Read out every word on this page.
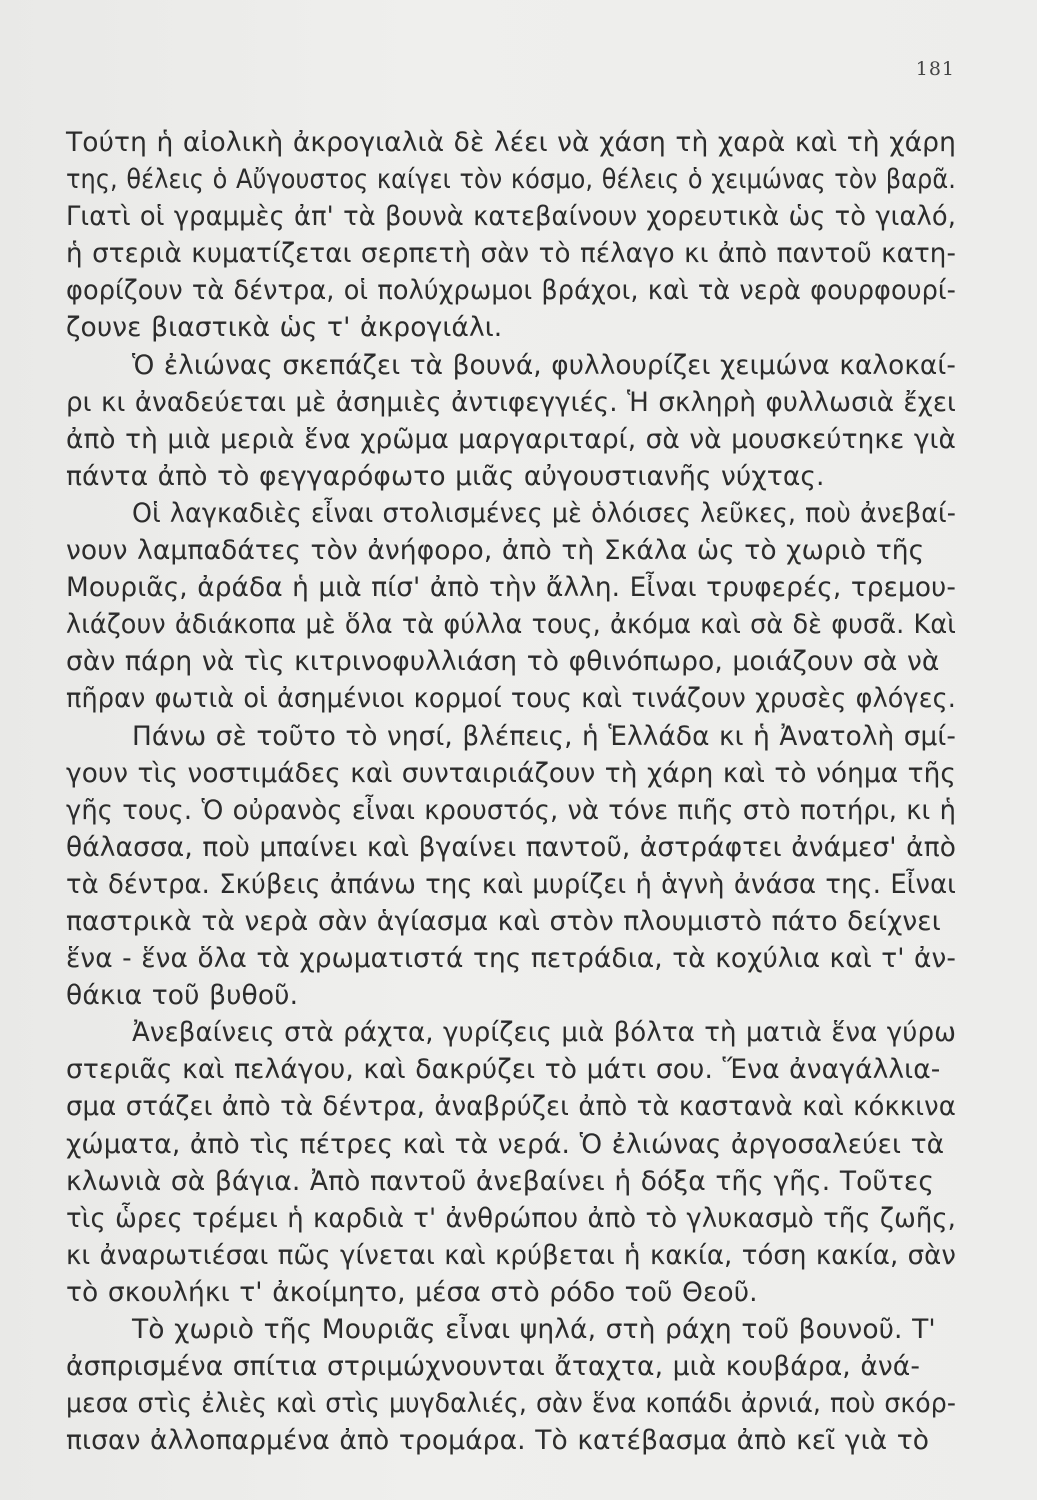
181
Τούτη ἡ αἰολικὴ ἀκρογιαλιὰ δὲ λέει νὰ χάση τὴ χαρὰ καὶ τὴ χάρη
της, θέλεις ὁ Αὔγουστος καίγει τὸν κόσμο, θέλεις ὁ χειμώνας τὸν βαρᾶ.
Γιατὶ οἱ γραμμὲς ἀπ' τὰ βουνὰ κατεβαίνουν χορευτικὰ ὡς τὸ γιαλό,
ἡ στεριὰ κυματίζεται σερπετὴ σὰν τὸ πέλαγο κι ἀπὸ παντοῦ κατη-
φορίζουν τὰ δέντρα, οἱ πολύχρωμοι βράχοι, καὶ τὰ νερὰ φουρφουρί-
ζουνε βιαστικὰ ὡς τ' ἀκρογιάλι.
Ὁ ἐλιώνας σκεπάζει τὰ βουνά, φυλλουρίζει χειμώνα καλοκαί-
ρι κι ἀναδεύεται μὲ ἀσημιὲς ἀντιφεγγιές. Ἡ σκληρὴ φυλλωσιὰ ἔχει
ἀπὸ τὴ μιὰ μεριὰ ἕνα χρῶμα μαργαριταρί, σὰ νὰ μουσκεύτηκε γιὰ
πάντα ἀπὸ τὸ φεγγαρόφωτο μιᾶς αὐγουστιανῆς νύχτας.
Οἱ λαγκαδιὲς εἶναι στολισμένες μὲ ὁλόισες λεῦκες, ποὺ ἀνεβαί-
νουν λαμπαδάτες τὸν ἀνήφορο, ἀπὸ τὴ Σκάλα ὡς τὸ χωριὸ τῆς
Μουριᾶς, ἀράδα ἡ μιὰ πίσ' ἀπὸ τὴν ἄλλη. Εἶναι τρυφερές, τρεμου-
λιάζουν ἀδιάκοπα μὲ ὅλα τὰ φύλλα τους, ἀκόμα καὶ σὰ δὲ φυσᾶ. Καὶ
σὰν πάρη νὰ τὶς κιτρινοφυλλιάση τὸ φθινόπωρο, μοιάζουν σὰ νὰ
πῆραν φωτιὰ οἱ ἀσημένιοι κορμοί τους καὶ τινάζουν χρυσὲς φλόγες.
Πάνω σὲ τοῦτο τὸ νησί, βλέπεις, ἡ Ἑλλάδα κι ἡ Ἀνατολὴ σμί-
γουν τὶς νοστιμάδες καὶ συνταιριάζουν τὴ χάρη καὶ τὸ νόημα τῆς
γῆς τους. Ὁ οὐρανὸς εἶναι κρουστός, νὰ τόνε πιῆς στὸ ποτήρι, κι ἡ
θάλασσα, ποὺ μπαίνει καὶ βγαίνει παντοῦ, ἀστράφτει ἀνάμεσ' ἀπὸ
τὰ δέντρα. Σκύβεις ἀπάνω της καὶ μυρίζει ἡ ἁγνὴ ἀνάσα της. Εἶναι
παστρικὰ τὰ νερὰ σὰν ἁγίασμα καὶ στὸν πλουμιστὸ πάτο δείχνει
ἕνα - ἕνα ὅλα τὰ χρωματιστά της πετράδια, τὰ κοχύλια καὶ τ' ἀν-
θάκια τοῦ βυθοῦ.
Ἀνεβαίνεις στὰ ράχτα, γυρίζεις μιὰ βόλτα τὴ ματιὰ ἕνα γύρω
στεριᾶς καὶ πελάγου, καὶ δακρύζει τὸ μάτι σου. Ἕνα ἀναγάλλια-
σμα στάζει ἀπὸ τὰ δέντρα, ἀναβρύζει ἀπὸ τὰ καστανὰ καὶ κόκκινα
χώματα, ἀπὸ τὶς πέτρες καὶ τὰ νερά. Ὁ ἐλιώνας ἀργοσαλεύει τὰ
κλωνιὰ σὰ βάγια. Ἀπὸ παντοῦ ἀνεβαίνει ἡ δόξα τῆς γῆς. Τοῦτες
τὶς ὧρες τρέμει ἡ καρδιὰ τ' ἀνθρώπου ἀπὸ τὸ γλυκασμὸ τῆς ζωῆς,
κι ἀναρωτιέσαι πῶς γίνεται καὶ κρύβεται ἡ κακία, τόση κακία, σὰν
τὸ σκουλήκι τ' ἀκοίμητο, μέσα στὸ ρόδο τοῦ Θεοῦ.
Τὸ χωριὸ τῆς Μουριᾶς εἶναι ψηλά, στὴ ράχη τοῦ βουνοῦ. Τ'
ἀσπρισμένα σπίτια στριμώχνουνται ἄταχτα, μιὰ κουβάρα, ἀνά-
μεσα στὶς ἐλιὲς καὶ στὶς μυγδαλιές, σὰν ἕνα κοπάδι ἀρνιά, ποὺ σκόρ-
πισαν ἀλλοπαρμένα ἀπὸ τρομάρα. Τὸ κατέβασμα ἀπὸ κεῖ γιὰ τὸ
